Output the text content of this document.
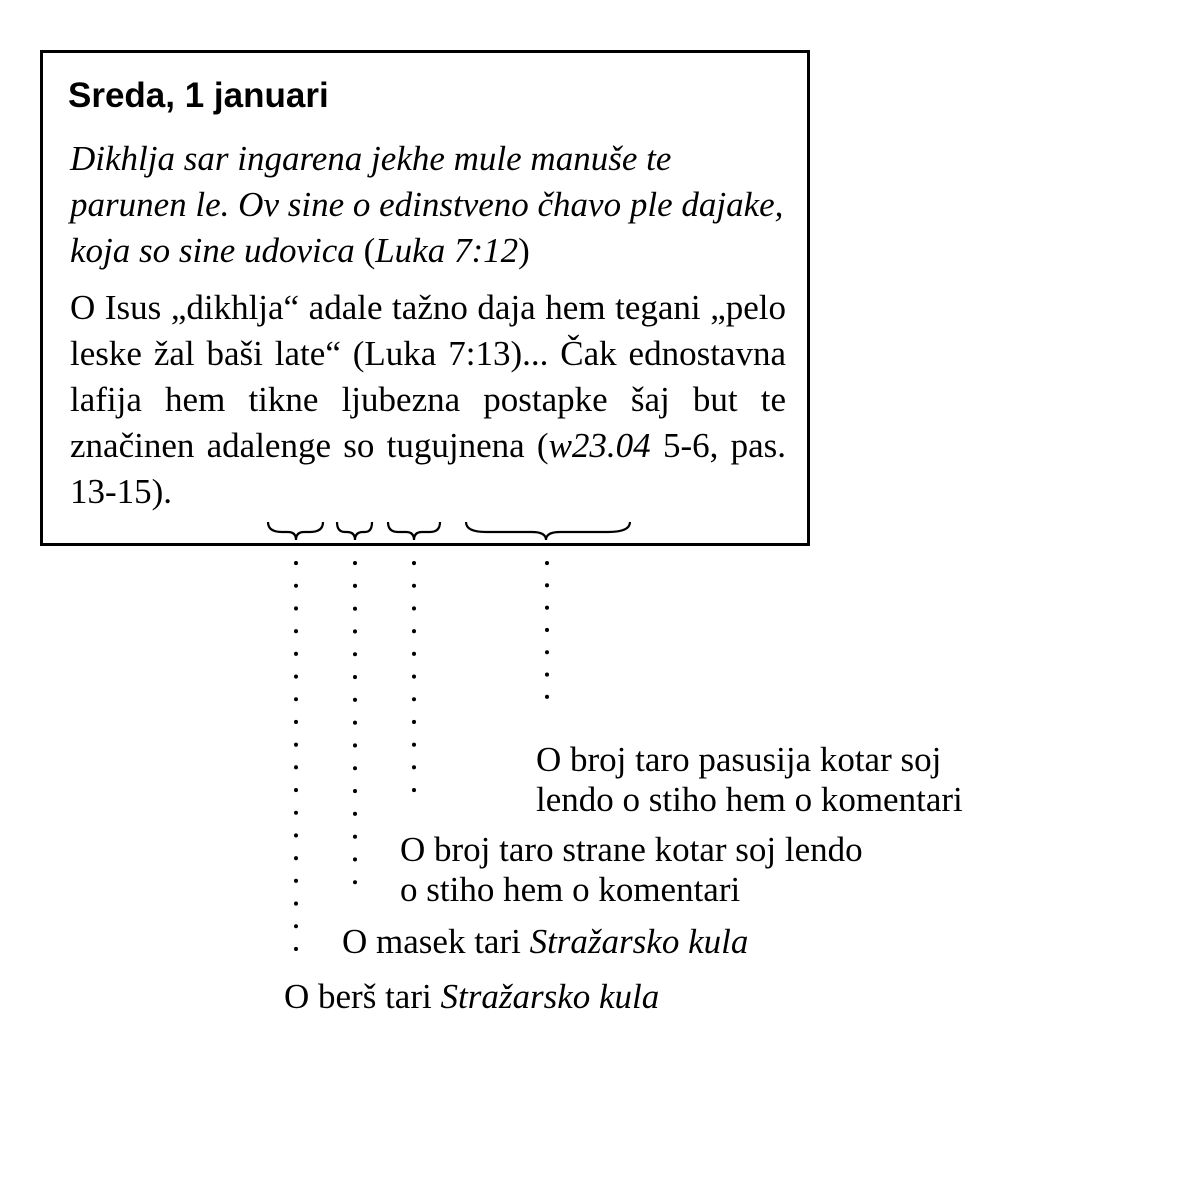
Sreda, 1 januari
Dikhlja sar ingarena jekhe mule manuše te parunen le. Ov sine o edinstveno čhavo ple dajake, koja so sine udovica (Luka 7:12)
O Isus „dikhlja“ adale tažno daja hem tegani „pelo leske žal baši late“ (Luka 7:13)... Čak ednostavna lafija hem tikne ljubezna postapke šaj but te značinen adalenge so tugujnena (w23.04 5-6, pas. 13-15).
O broj taro pasusija kotar soj
lendo o stiho hem o komentari
O broj taro strane kotar soj lendo
o stiho hem o komentari
O masek tari Stražarsko kula
O berš tari Stražarsko kula
